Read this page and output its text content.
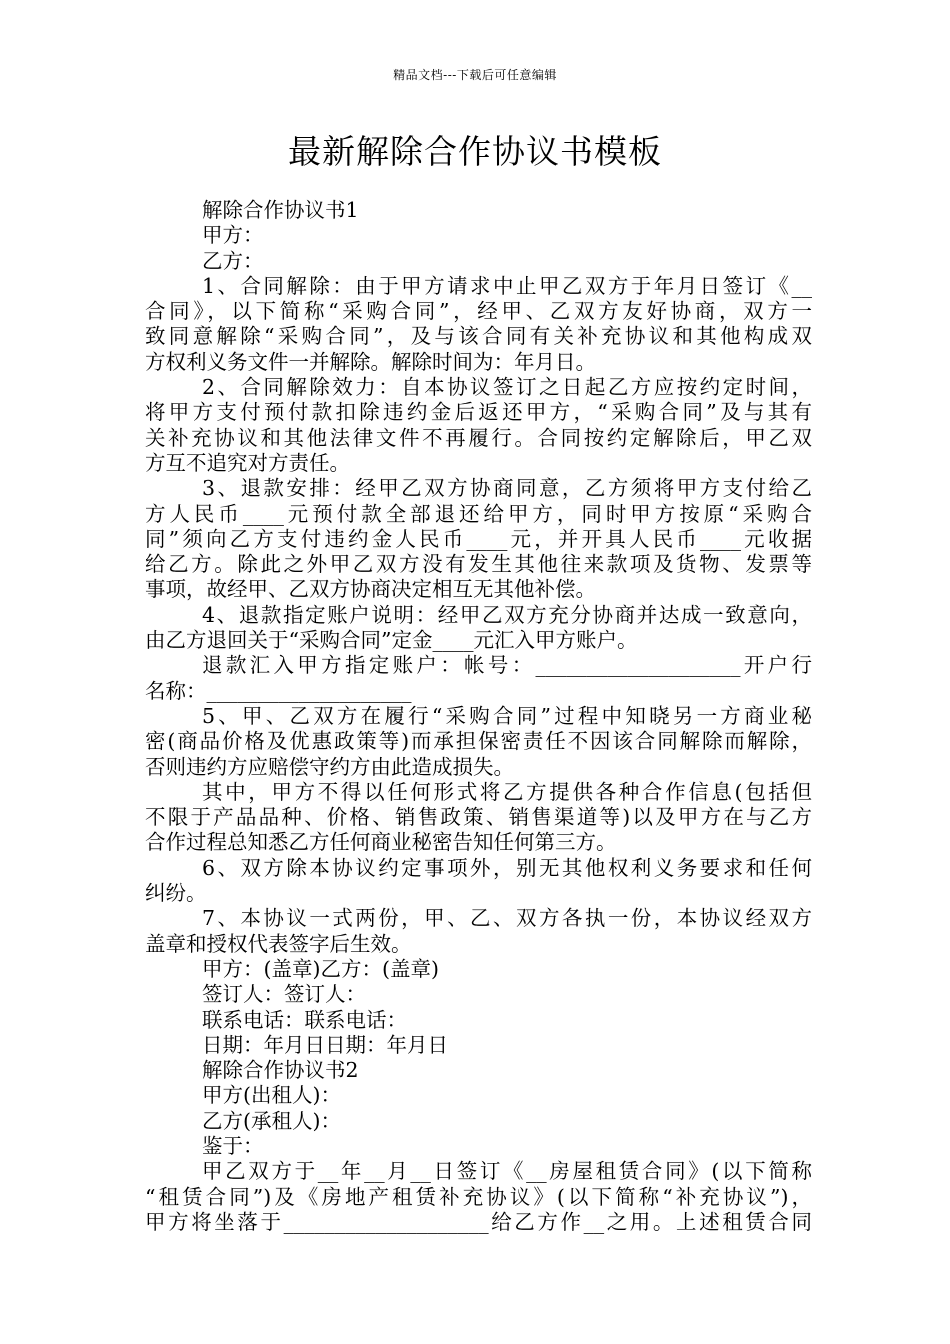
精品文档---下载后可任意编辑
最新解除合作协议书模板
解除合作协议书1
甲方：
乙方：
1、合同解除：由于甲方请求中止甲乙双方于年月日签订《__
合同》，以下简称“采购合同”，经甲、乙双方友好协商，双方一
致同意解除“采购合同”，及与该合同有关补充协议和其他构成双
方权利义务文件一并解除。解除时间为：年月日。
2、合同解除效力：自本协议签订之日起乙方应按约定时间，
将甲方支付预付款扣除违约金后返还甲方，“采购合同”及与其有
关补充协议和其他法律文件不再履行。合同按约定解除后，甲乙双
方互不追究对方责任。
3、退款安排：经甲乙双方协商同意，乙方须将甲方支付给乙
方人民币____元预付款全部退还给甲方，同时甲方按原“采购合
同”须向乙方支付违约金人民币____元，并开具人民币____元收据
给乙方。除此之外甲乙双方没有发生其他往来款项及货物、发票等
事项，故经甲、乙双方协商决定相互无其他补偿。
4、退款指定账户说明：经甲乙双方充分协商并达成一致意向，
由乙方退回关于“采购合同”定金____元汇入甲方账户。
退款汇入甲方指定账户：帐号：____________________开户行
名称：____________________
5、甲、乙双方在履行“采购合同”过程中知晓另一方商业秘
密(商品价格及优惠政策等)而承担保密责任不因该合同解除而解除，
否则违约方应赔偿守约方由此造成损失。
其中，甲方不得以任何形式将乙方提供各种合作信息(包括但
不限于产品品种、价格、销售政策、销售渠道等)以及甲方在与乙方
合作过程总知悉乙方任何商业秘密告知任何第三方。
6、双方除本协议约定事项外，别无其他权利义务要求和任何
纠纷。
7、本协议一式两份，甲、乙、双方各执一份，本协议经双方
盖章和授权代表签字后生效。
甲方：(盖章)乙方：(盖章)
签订人：签订人：
联系电话：联系电话：
日期：年月日日期：年月日
解除合作协议书2
甲方(出租人)：
乙方(承租人)：
鉴于：
甲乙双方于__年__月__日签订《__房屋租赁合同》(以下简称
“租赁合同”)及《房地产租赁补充协议》(以下简称“补充协议”)，
甲方将坐落于____________________给乙方作__之用。上述租赁合同
